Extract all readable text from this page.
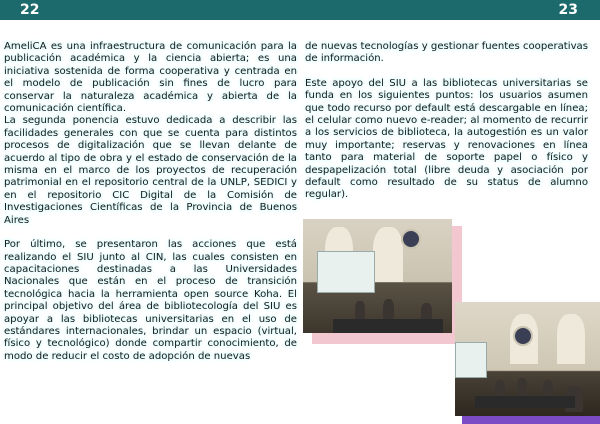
22	23

AmeliCA es una infraestructura de comunicación para la publicación académica y la ciencia abierta; es una iniciativa sostenida de forma cooperativa y centrada en el modelo de publicación sin fines de lucro para conservar la naturaleza académica y abierta de la comunicación científica.

La segunda ponencia estuvo dedicada a describir las facilidades generales con que se cuenta para distintos procesos de digitalización que se llevan delante de acuerdo al tipo de obra y el estado de conservación de la misma en el marco de los proyectos de recuperación patrimonial en el repositorio central de la UNLP, SEDICI y en el repositorio CIC Digital de la Comisión de Investigaciones Científicas de la Provincia de Buenos Aires

Por último, se presentaron las acciones que está realizando el SIU junto al CIN, las cuales consisten en capacitaciones destinadas a las Universidades Nacionales que están en el proceso de transición tecnológica hacia la herramienta open source Koha. El principal objetivo del área de bibliotecología del SIU es apoyar a las bibliotecas universitarias en el uso de estándares internacionales, brindar un espacio (virtual, físico y tecnológico) donde compartir conocimiento, de modo de reducir el costo de adopción de nuevas

de nuevas tecnologías y gestionar fuentes cooperativas de información.

Este apoyo del SIU a las bibliotecas universitarias se funda en los siguientes puntos: los usuarios asumen que todo recurso por default está descargable en línea; el celular como nuevo e-reader; al momento de recurrir a los servicios de biblioteca, la autogestión es un valor muy importante; reservas y renovaciones en línea tanto para material de soporte papel o físico y despapelización total (libre deuda y asociación por default como resultado de su status de alumno regular).
